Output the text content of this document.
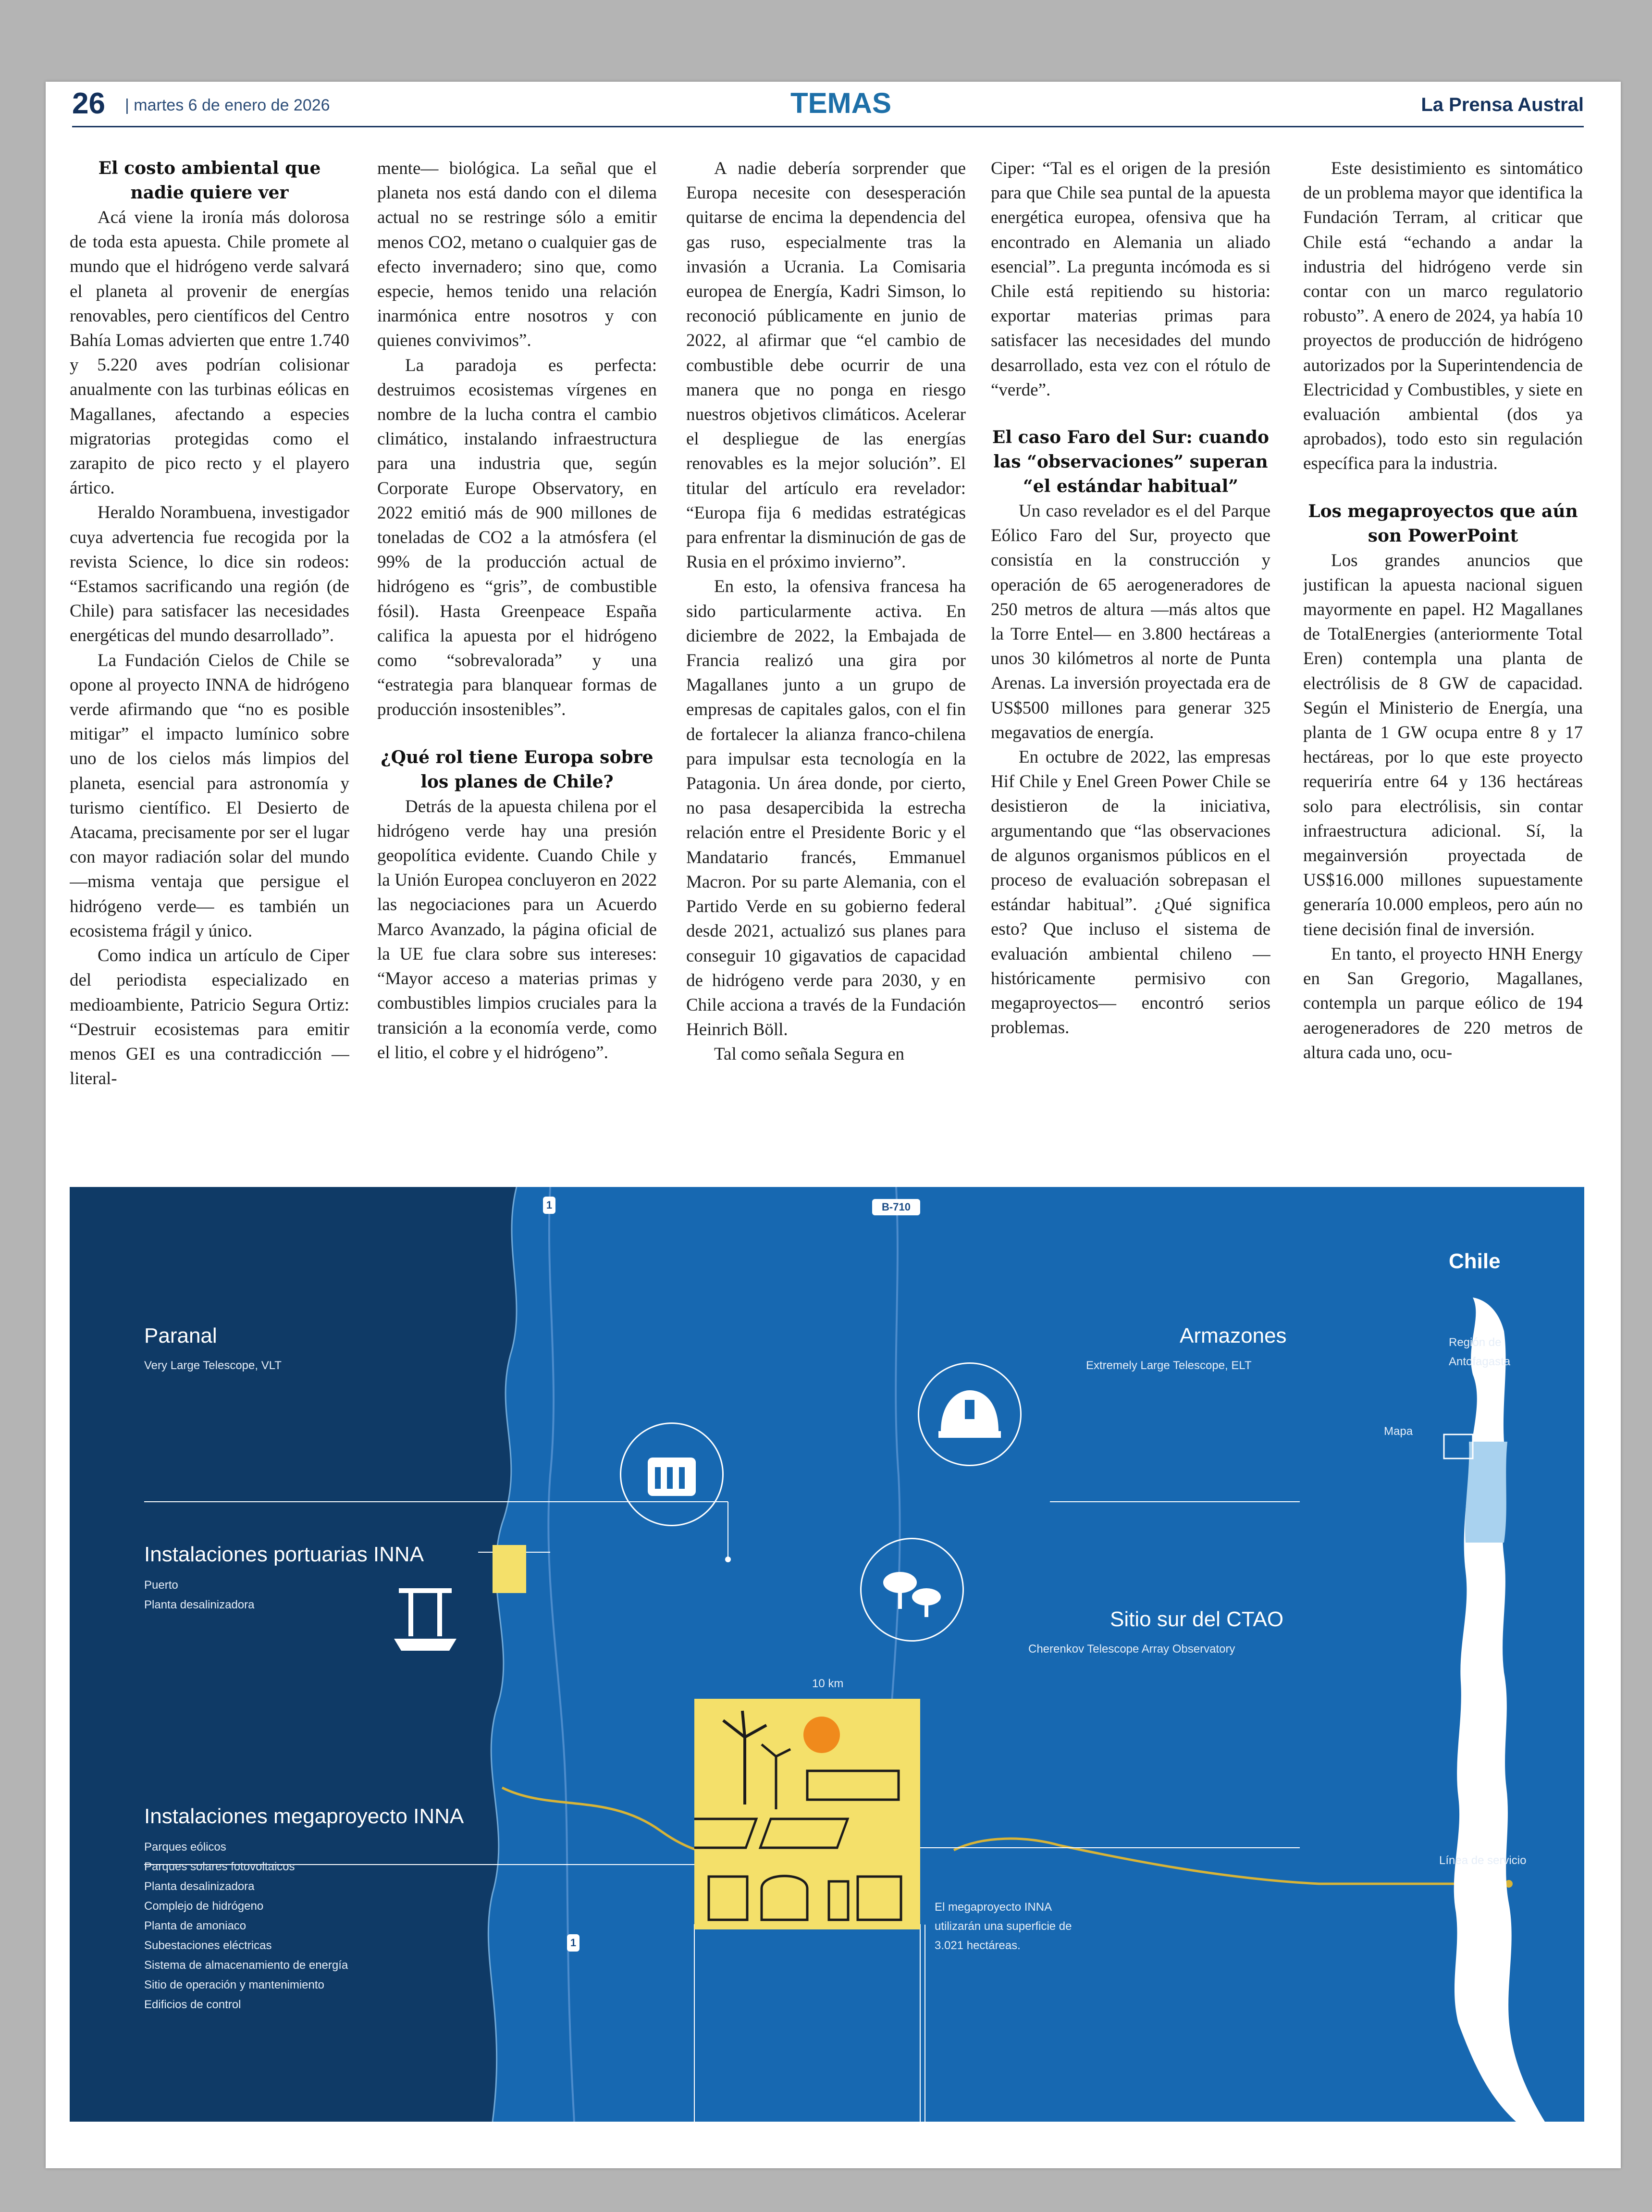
26 | martes 6 de enero de 2026	TEMAS	La Prensa Austral
El costo ambiental que nadie quiere ver

Acá viene la ironía más dolorosa de toda esta apuesta. Chile promete al mundo que el hidrógeno verde salvará el planeta al provenir de energías renovables, pero científicos del Centro Bahía Lomas advierten que entre 1.740 y 5.220 aves podrían colisionar anualmente con las turbinas eólicas en Magallanes, afectando a especies migratorias protegidas como el zarapito de pico recto y el playero ártico.

Heraldo Norambuena, investigador cuya advertencia fue recogida por la revista Science, lo dice sin rodeos: “Estamos sacrificando una región (de Chile) para satisfacer las necesidades energéticas del mundo desarrollado”.

La Fundación Cielos de Chile se opone al proyecto INNA de hidrógeno verde afirmando que “no es posible mitigar” el impacto lumínico sobre uno de los cielos más limpios del planeta, esencial para astronomía y turismo científico. El Desierto de Atacama, precisamente por ser el lugar con mayor radiación solar del mundo —misma ventaja que persigue el hidrógeno verde— es también un ecosistema frágil y único.

Como indica un artículo de Ciper del periodista especializado en medioambiente, Patricio Segura Ortiz: “Destruir ecosistemas para emitir menos GEI es una contradicción —literal-

mente— biológica. La señal que el planeta nos está dando con el dilema actual no se restringe sólo a emitir menos CO2, metano o cualquier gas de efecto invernadero; sino que, como especie, hemos tenido una relación inarmónica entre nosotros y con quienes convivimos”.

La paradoja es perfecta: destruimos ecosistemas vírgenes en nombre de la lucha contra el cambio climático, instalando infraestructura para una industria que, según Corporate Europe Observatory, en 2022 emitió más de 900 millones de toneladas de CO2 a la atmósfera (el 99% de la producción actual de hidrógeno es “gris”, de combustible fósil). Hasta Greenpeace España califica la apuesta por el hidrógeno como “sobrevalorada” y una “estrategia para blanquear formas de producción insostenibles”.

¿Qué rol tiene Europa sobre los planes de Chile?

Detrás de la apuesta chilena por el hidrógeno verde hay una presión geopolítica evidente. Cuando Chile y la Unión Europea concluyeron en 2022 las negociaciones para un Acuerdo Marco Avanzado, la página oficial de la UE fue clara sobre sus intereses: “Mayor acceso a materias primas y combustibles limpios cruciales para la transición a la economía verde, como el litio, el cobre y el hidrógeno”.

A nadie debería sorprender que Europa necesite con desesperación quitarse de encima la dependencia del gas ruso, especialmente tras la invasión a Ucrania. La Comisaria europea de Energía, Kadri Simson, lo reconoció públicamente en junio de 2022, al afirmar que “el cambio de combustible debe ocurrir de una manera que no ponga en riesgo nuestros objetivos climáticos. Acelerar el despliegue de las energías renovables es la mejor solución”. El titular del artículo era revelador: “Europa fija 6 medidas estratégicas para enfrentar la disminución de gas de Rusia en el próximo invierno”.

En esto, la ofensiva francesa ha sido particularmente activa. En diciembre de 2022, la Embajada de Francia realizó una gira por Magallanes junto a un grupo de empresas de capitales galos, con el fin de fortalecer la alianza franco-chilena para impulsar esta tecnología en la Patagonia. Un área donde, por cierto, no pasa desapercibida la estrecha relación entre el Presidente Boric y el Mandatario francés, Emmanuel Macron. Por su parte Alemania, con el Partido Verde en su gobierno federal desde 2021, actualizó sus planes para conseguir 10 gigavatios de capacidad de hidrógeno verde para 2030, y en Chile acciona a través de la Fundación Heinrich Böll.

Tal como señala Segura en

Ciper: “Tal es el origen de la presión para que Chile sea puntal de la apuesta energética europea, ofensiva que ha encontrado en Alemania un aliado esencial”. La pregunta incómoda es si Chile está repitiendo su historia: exportar materias primas para satisfacer las necesidades del mundo desarrollado, esta vez con el rótulo de “verde”.

El caso Faro del Sur: cuando las “observaciones” superan “el estándar habitual”

Un caso revelador es el del Parque Eólico Faro del Sur, proyecto que consistía en la construcción y operación de 65 aerogeneradores de 250 metros de altura —más altos que la Torre Entel— en 3.800 hectáreas a unos 30 kilómetros al norte de Punta Arenas. La inversión proyectada era de US$500 millones para generar 325 megavatios de energía.

En octubre de 2022, las empresas Hif Chile y Enel Green Power Chile se desistieron de la iniciativa, argumentando que “las observaciones de algunos organismos públicos en el proceso de evaluación sobrepasan el estándar habitual”. ¿Qué significa esto? Que incluso el sistema de evaluación ambiental chileno —históricamente permisivo con megaproyectos— encontró serios problemas.

Este desistimiento es sintomático de un problema mayor que identifica la Fundación Terram, al criticar que Chile está “echando a andar la industria del hidrógeno verde sin contar con un marco regulatorio robusto”. A enero de 2024, ya había 10 proyectos de producción de hidrógeno autorizados por la Superintendencia de Electricidad y Combustibles, y siete en evaluación ambiental (dos ya aprobados), todo esto sin regulación específica para la industria.

Los megaproyectos que aún son PowerPoint

Los grandes anuncios que justifican la apuesta nacional siguen mayormente en papel. H2 Magallanes de TotalEnergies (anteriormente Total Eren) contempla una planta de electrólisis de 8 GW de capacidad. Según el Ministerio de Energía, una planta de 1 GW ocupa entre 8 y 17 hectáreas, por lo que este proyecto requeriría entre 64 y 136 hectáreas solo para electrólisis, sin contar infraestructura adicional. Sí, la megainversión proyectada de US$16.000 millones supuestamente generaría 10.000 empleos, pero aún no tiene decisión final de inversión.

En tanto, el proyecto HNH Energy en San Gregorio, Magallanes, contempla un parque eólico de 194 aerogeneradores de 220 metros de altura cada uno, ocu-

1	B-710
1
Paranal
Very Large Telescope, VLT
Armazones
Extremely Large Telescope, ELT
Instalaciones portuarias INNA
Puerto
Planta desalinizadora
Sitio sur del CTAO
Cherenkov Telescope Array Observatory
10 km
Instalaciones megaproyecto INNA
Parques eólicos
Parques solares fotovoltaicos
Planta desalinizadora
Complejo de hidrógeno
Planta de amoniaco
Subestaciones eléctricas
Sistema de almacenamiento de energía
Sitio de operación y mantenimiento
Edificios de control
El megaproyecto INNA
utilizarán una superficie de
3.021 hectáreas.
Línea de servicio
Chile
Región de
Antofagasta
Mapa
